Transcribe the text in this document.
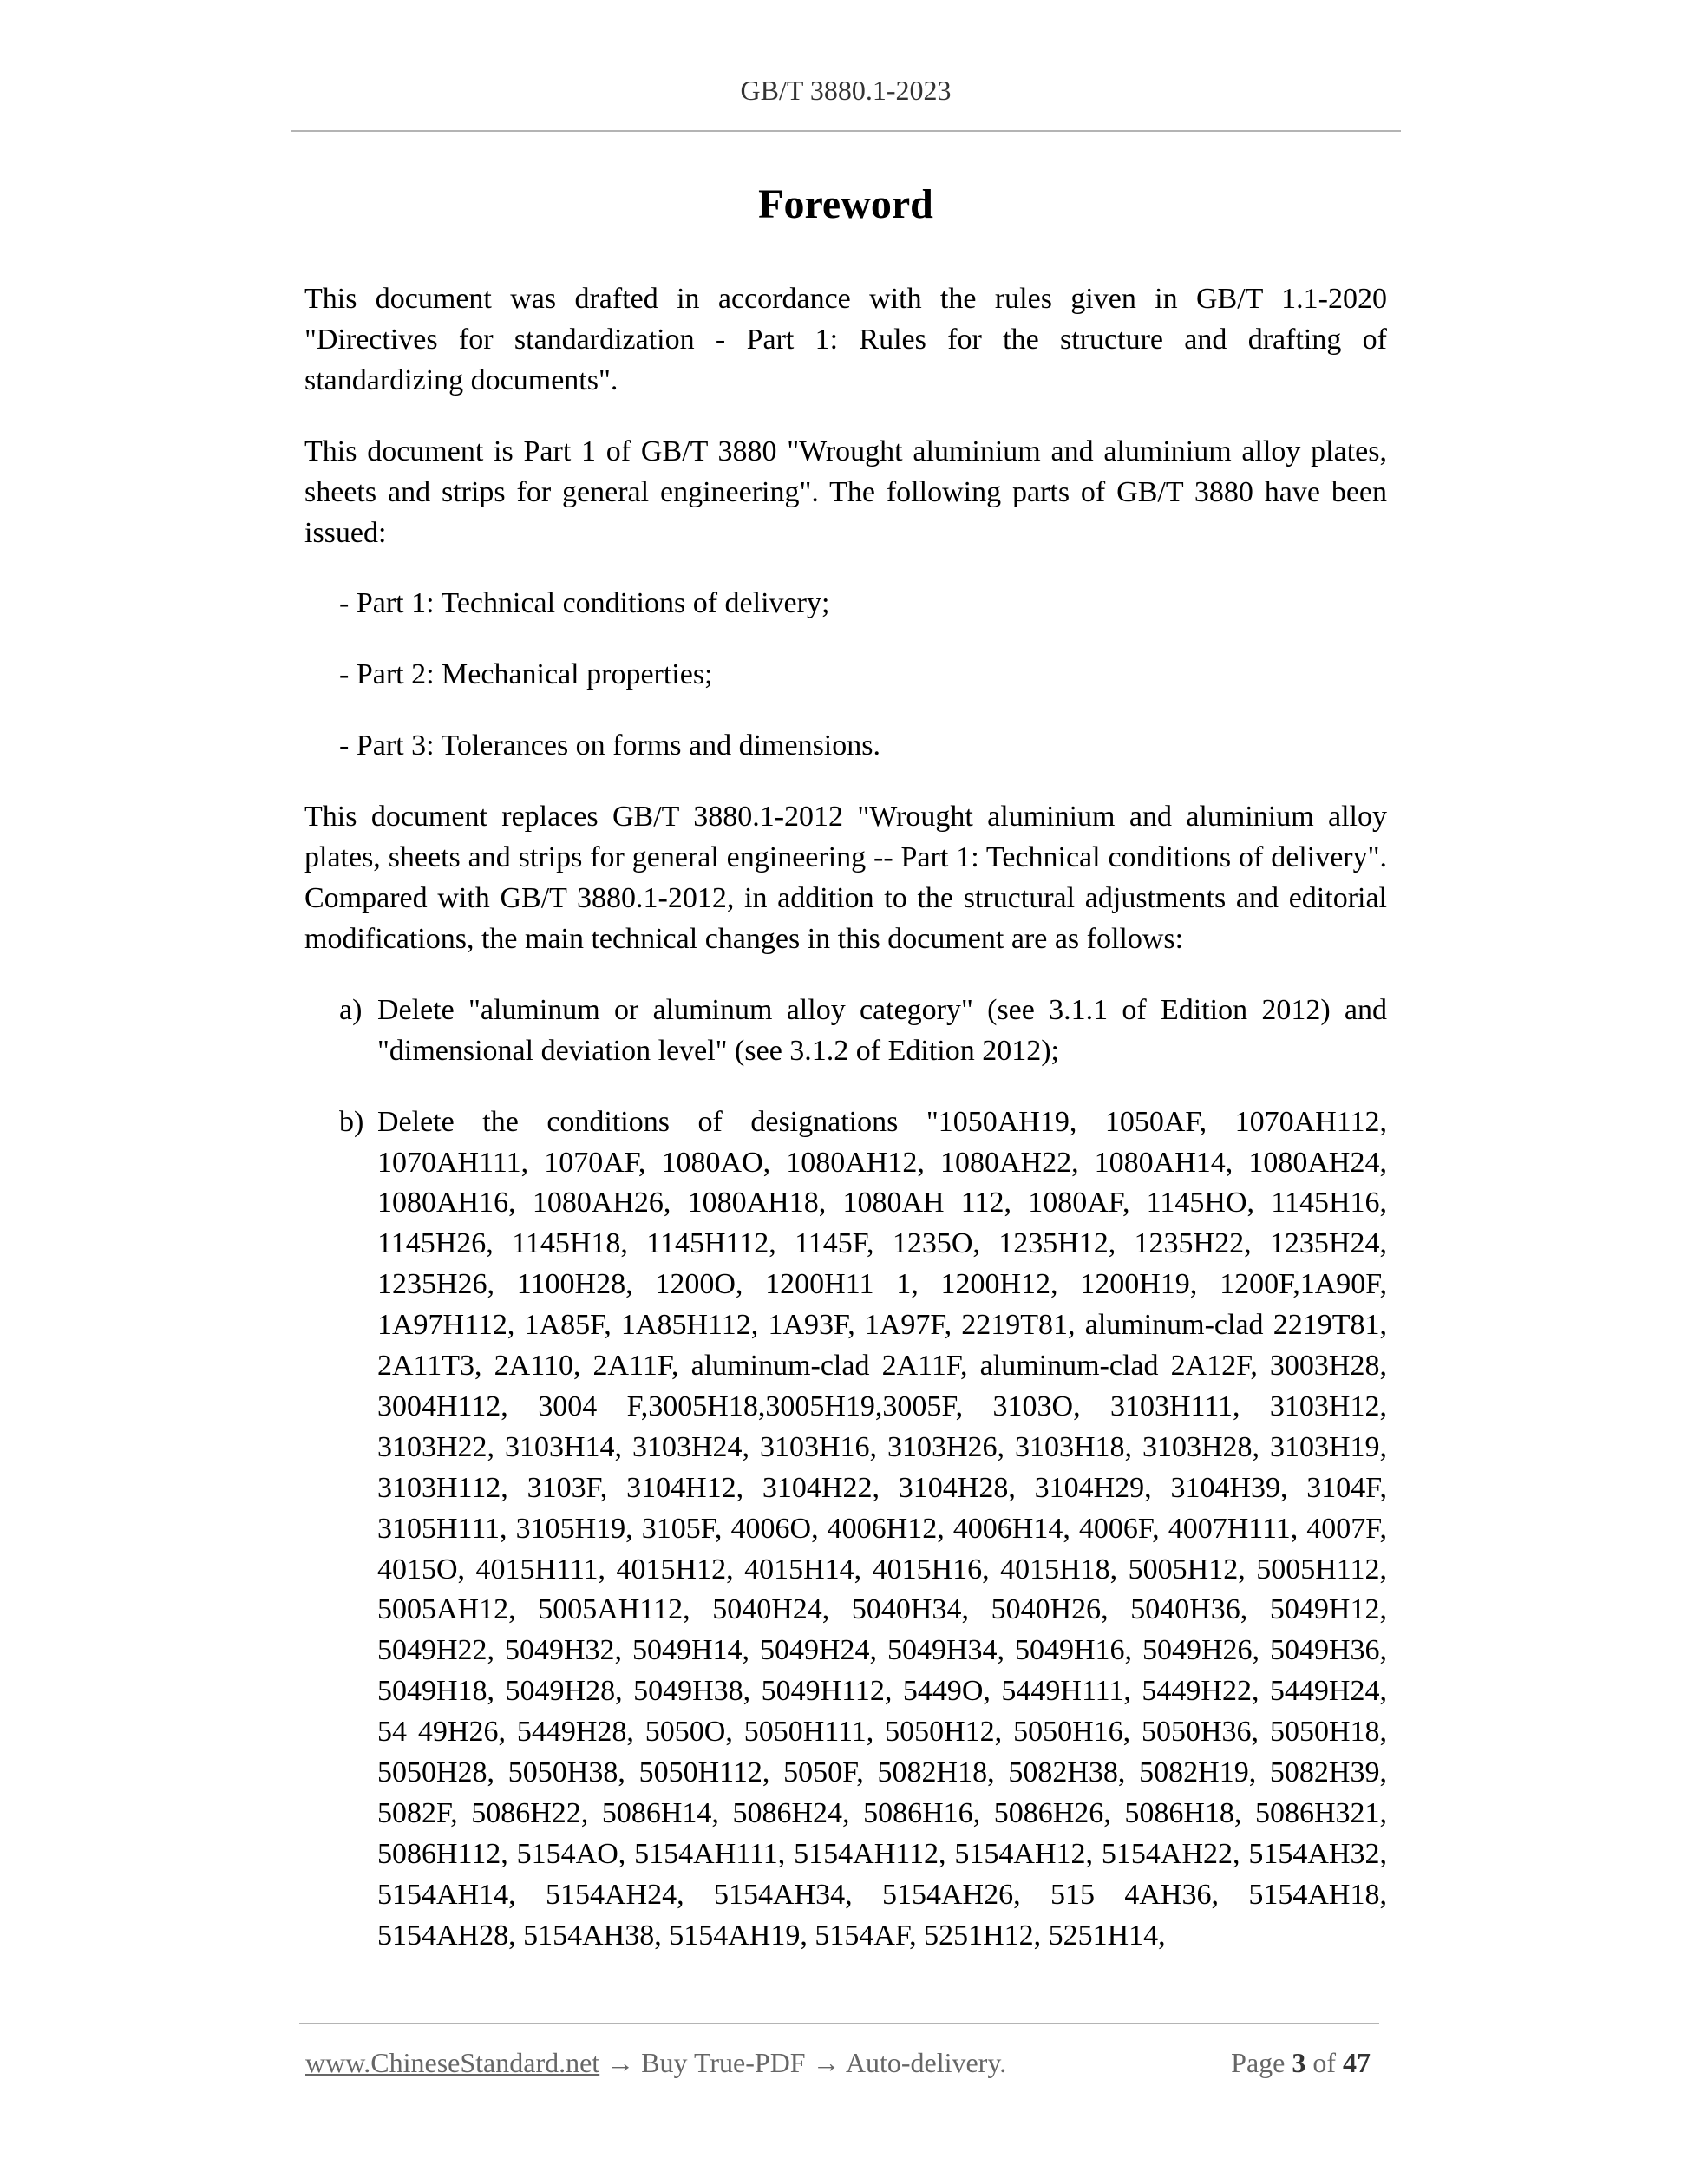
GB/T 3880.1-2023
Foreword

This document was drafted in accordance with the rules given in GB/T 1.1-2020 "Directives for standardization - Part 1: Rules for the structure and drafting of standardizing documents".

This document is Part 1 of GB/T 3880 "Wrought aluminium and aluminium alloy plates, sheets and strips for general engineering". The following parts of GB/T 3880 have been issued:

- Part 1: Technical conditions of delivery;

- Part 2: Mechanical properties;

- Part 3: Tolerances on forms and dimensions.

This document replaces GB/T 3880.1-2012 "Wrought aluminium and aluminium alloy plates, sheets and strips for general engineering -- Part 1: Technical conditions of delivery". Compared with GB/T 3880.1-2012, in addition to the structural adjustments and editorial modifications, the main technical changes in this document are as follows:

a) Delete "aluminum or aluminum alloy category" (see 3.1.1 of Edition 2012) and "dimensional deviation level" (see 3.1.2 of Edition 2012);

b) Delete the conditions of designations "1050AH19, 1050AF, 1070AH112, 1070AH111, 1070AF, 1080AO, 1080AH12, 1080AH22, 1080AH14, 1080AH24, 1080AH16, 1080AH26, 1080AH18, 1080AH 112, 1080AF, 1145HO, 1145H16, 1145H26, 1145H18, 1145H112, 1145F, 1235O, 1235H12, 1235H22, 1235H24, 1235H26, 1100H28, 1200O, 1200H11 1, 1200H12, 1200H19, 1200F,1A90F, 1A97H112, 1A85F, 1A85H112, 1A93F, 1A97F, 2219T81, aluminum-clad 2219T81, 2A11T3, 2A110, 2A11F, aluminum-clad 2A11F, aluminum-clad 2A12F, 3003H28, 3004H112, 3004 F,3005H18,3005H19,3005F, 3103O, 3103H111, 3103H12, 3103H22, 3103H14, 3103H24, 3103H16, 3103H26, 3103H18, 3103H28, 3103H19, 3103H112, 3103F, 3104H12, 3104H22, 3104H28, 3104H29, 3104H39, 3104F, 3105H111, 3105H19, 3105F, 4006O, 4006H12, 4006H14, 4006F, 4007H111, 4007F, 4015O, 4015H111, 4015H12, 4015H14, 4015H16, 4015H18, 5005H12, 5005H112, 5005AH12, 5005AH112, 5040H24, 5040H34, 5040H26, 5040H36, 5049H12, 5049H22, 5049H32, 5049H14, 5049H24, 5049H34, 5049H16, 5049H26, 5049H36, 5049H18, 5049H28, 5049H38, 5049H112, 5449O, 5449H111, 5449H22, 5449H24, 54 49H26, 5449H28, 5050O, 5050H111, 5050H12, 5050H16, 5050H36, 5050H18, 5050H28, 5050H38, 5050H112, 5050F, 5082H18, 5082H38, 5082H19, 5082H39, 5082F, 5086H22, 5086H14, 5086H24, 5086H16, 5086H26, 5086H18, 5086H321, 5086H112, 5154AO, 5154AH111, 5154AH112, 5154AH12, 5154AH22, 5154AH32, 5154AH14, 5154AH24, 5154AH34, 5154AH26, 515 4AH36, 5154AH18, 5154AH28, 5154AH38, 5154AH19, 5154AF, 5251H12, 5251H14,

www.ChineseStandard.net → Buy True-PDF → Auto-delivery.	Page 3 of 47
